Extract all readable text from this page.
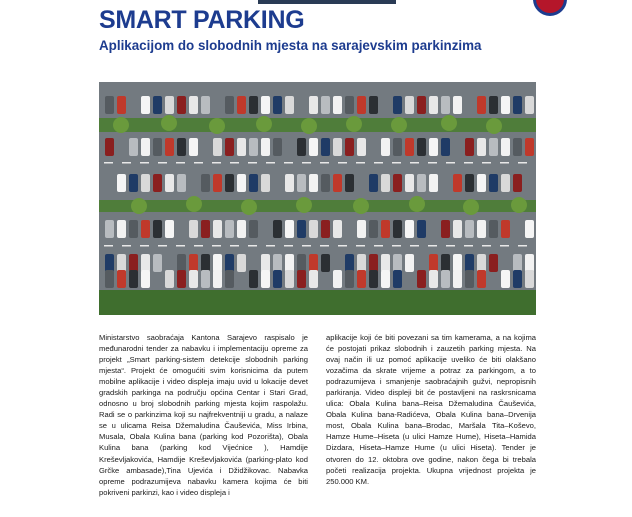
SMART PARKING
Aplikacijom do slobodnih mjesta na sarajevskim parkinzima

Ministarstvo saobraćaja Kantona Sarajevo raspisalo je međunarodni tender za nabavku i implementaciju opreme za projekt „Smart parking-sistem detekcije slobodnih parking mjesta“. Projekt će omogućiti svim korisnicima da putem mobilne aplikacije i video displeja imaju uvid u lokacije devet gradskih parkinga na području općina Centar i Stari Grad, odnosno u broj slobodnih parking mjesta kojim raspolažu. Radi se o parkinzima koji su najfrekventniji u gradu, a nalaze se u ulicama Reisa Džemaludina Čauševića, Miss Irbina, Musala, Obala Kulina bana (parking kod Pozorišta), Obala Kulina bana (parking kod Vijećnice ), Hamdije Kreševljakovića, Hamdije Kreševljakovića (parking-plato kod Grčke ambasade),Tina Ujevića i Džidžikovac. Nabavka opreme podrazumijeva nabavku kamera kojima će biti pokriveni parkinzi, kao i video displeja i

aplikacije koji će biti povezani sa tim kamerama, a na kojima će postojati prikaz slobodnih i zauzetih parking mjesta. Na ovaj način ili uz pomoć aplikacije uveliko će biti olakšano vozačima da skrate vrijeme a potraz za parkingom, a to podrazumijeva i smanjenje saobraćajnih gužvi, nepropisnih parkiranja. Video displeji bit će postavljeni na raskrsnicama ulica: Obala Kulina bana–Reisa Džemaludina Čauševića, Obala Kulina bana-Radićeva, Obala Kulina bana–Drvenija most, Obala Kulina bana–Brodac, Maršala Tita–Koševo, Hamze Hume–Hiseta (u ulici Hamze Hume), Hiseta–Hamida Dizdara, Hiseta–Hamze Hume (u ulici Hiseta). Tender je otvoren do 12. oktobra ove godine, nakon čega bi trebala početi realizacija projekta. Ukupna vrijednost projekta je 250.000 KM.
